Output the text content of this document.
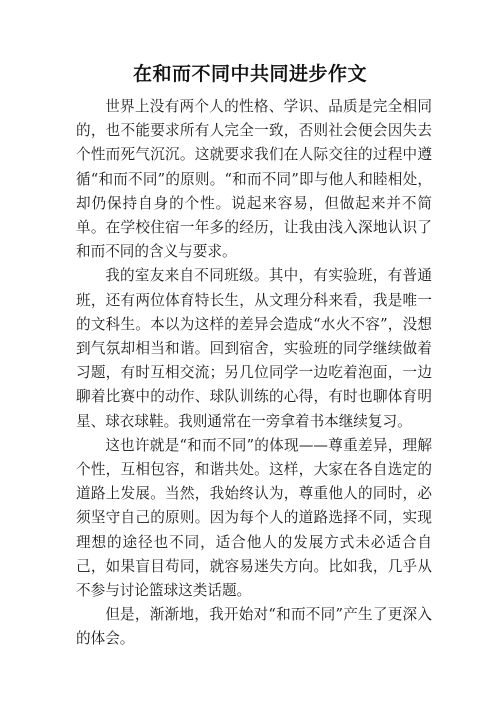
在和而不同中共同进步作文

世界上没有两个人的性格、学识、品质是完全相同的，也不能要求所有人完全一致，否则社会便会因失去个性而死气沉沉。这就要求我们在人际交往的过程中遵循“和而不同”的原则。“和而不同”即与他人和睦相处，却仍保持自身的个性。说起来容易，但做起来并不简单。在学校住宿一年多的经历，让我由浅入深地认识了和而不同的含义与要求。

我的室友来自不同班级。其中，有实验班，有普通班，还有两位体育特长生，从文理分科来看，我是唯一的文科生。本以为这样的差异会造成“水火不容”，没想到气氛却相当和谐。回到宿舍，实验班的同学继续做着习题，有时互相交流；另几位同学一边吃着泡面，一边聊着比赛中的动作、球队训练的心得，有时也聊体育明星、球衣球鞋。我则通常在一旁拿着书本继续复习。

这也许就是“和而不同”的体现——尊重差异，理解个性，互相包容，和谐共处。这样，大家在各自选定的道路上发展。当然，我始终认为，尊重他人的同时，必须坚守自己的原则。因为每个人的道路选择不同，实现理想的途径也不同，适合他人的发展方式未必适合自己，如果盲目苟同，就容易迷失方向。比如我，几乎从不参与讨论篮球这类话题。

但是，渐渐地，我开始对“和而不同”产生了更深入的体会。
